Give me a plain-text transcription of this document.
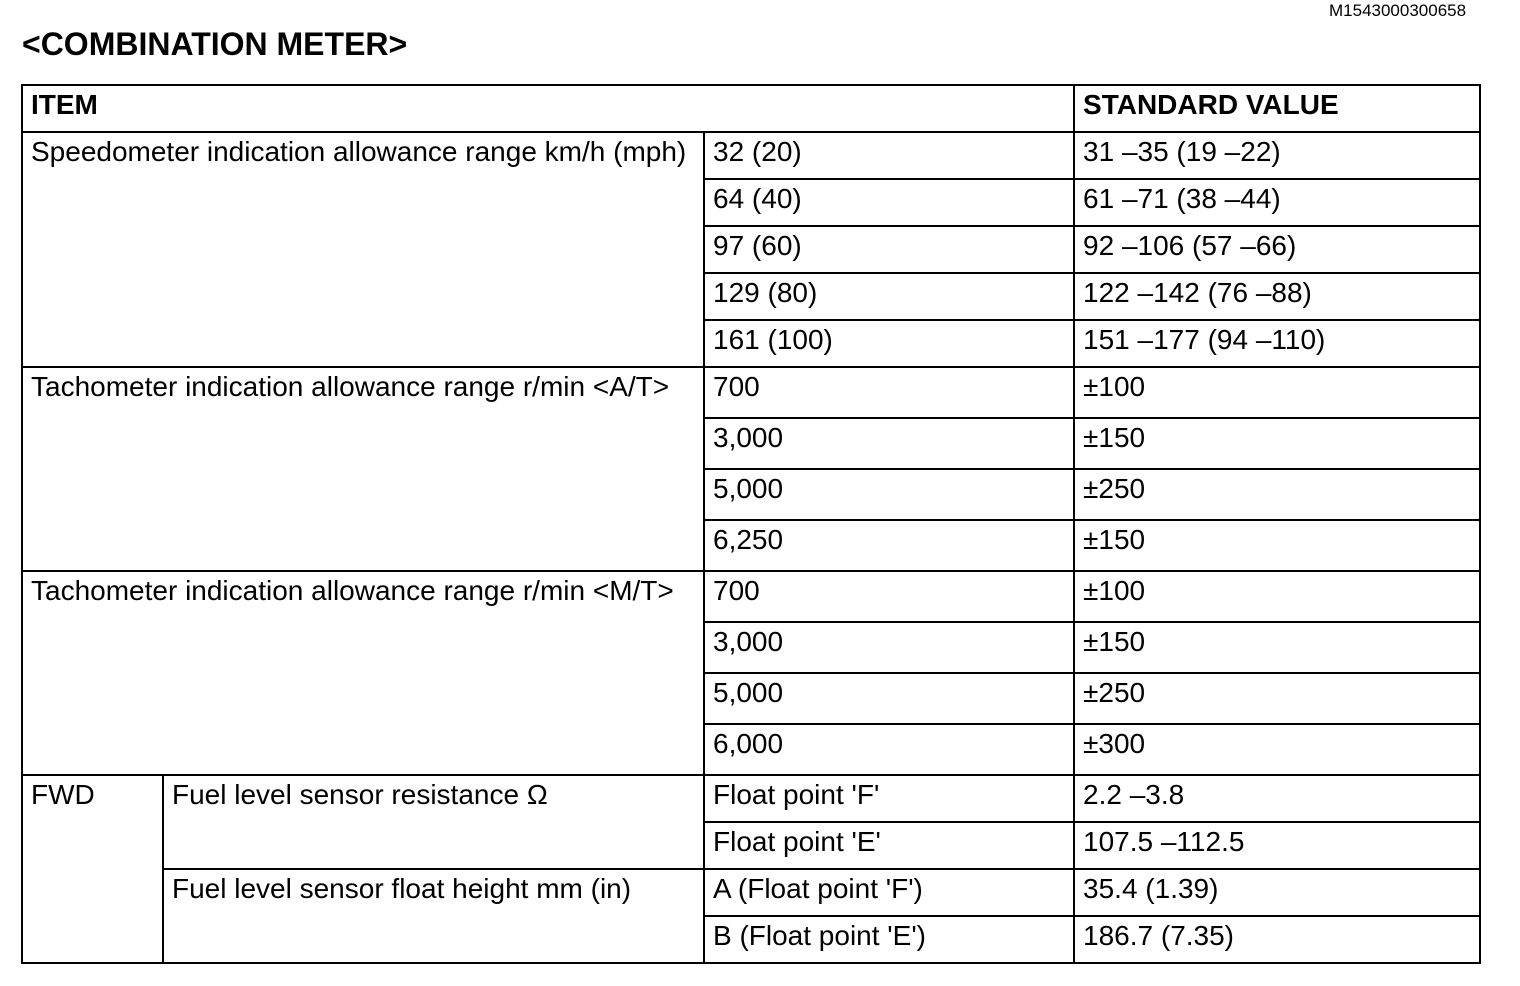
M1543000300658
<COMBINATION METER>
ITEM			STANDARD VALUE
Speedometer indication allowance range km/h (mph)		32 (20)	31 –35 (19 –22)
		64 (40)	61 –71 (38 –44)
		97 (60)	92 –106 (57 –66)
		129 (80)	122 –142 (76 –88)
		161 (100)	151 –177 (94 –110)
Tachometer indication allowance range r/min <A/T>		700	±100
		3,000	±150
		5,000	±250
		6,250	±150
Tachometer indication allowance range r/min <M/T>		700	±100
		3,000	±150
		5,000	±250
		6,000	±300
FWD	Fuel level sensor resistance Ω	Float point 'F'	2.2 –3.8
		Float point 'E'	107.5 –112.5
	Fuel level sensor float height mm (in)	A (Float point 'F')	35.4 (1.39)
		B (Float point 'E')	186.7 (7.35)
